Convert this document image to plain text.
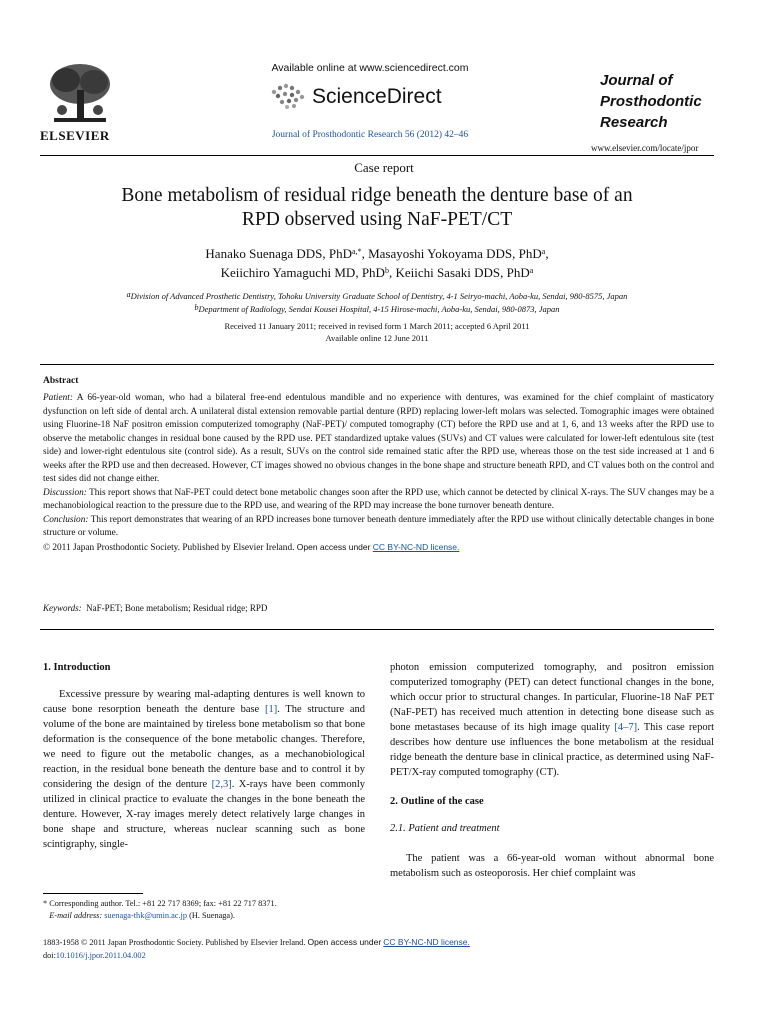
ELSEVIER
Available online at www.sciencedirect.com
ScienceDirect
Journal of Prosthodontic Research 56 (2012) 42–46
Journal of
Prosthodontic
Research
www.elsevier.com/locate/jpor
Case report
Bone metabolism of residual ridge beneath the denture base of an
RPD observed using NaF-PET/CT
Hanako Suenaga DDS, PhD$^{a,*}$, Masayoshi Yokoyama DDS, PhD$^a$,
Keiichiro Yamaguchi MD, PhD$^b$, Keiichi Sasaki DDS, PhD$^a$
$^a$Division of Advanced Prosthetic Dentistry, Tohoku University Graduate School of Dentistry, 4-1 Seiryo-machi, Aoba-ku, Sendai, 980-8575, Japan
$^b$Department of Radiology, Sendai Kousei Hospital, 4-15 Hirose-machi, Aoba-ku, Sendai, 980-0873, Japan
Received 11 January 2011; received in revised form 1 March 2011; accepted 6 April 2011
Available online 12 June 2011
Abstract

Patient: A 66-year-old woman, who had a bilateral free-end edentulous mandible and no experience with dentures, was examined for the chief complaint of masticatory dysfunction on left side of dental arch. A unilateral distal extension removable partial denture (RPD) replacing lower-left molars was selected. Tomographic images were obtained using Fluorine-18 NaF positron emission computerized tomography (NaF-PET)/ computed tomography (CT) before the RPD use and at 1, 6, and 13 weeks after the RPD use to observe the metabolic changes in residual bone caused by the RPD use. PET standardized uptake values (SUVs) and CT values were calculated for lower-left edentulous site (test side) and lower-right edentulous site (control side). As a result, SUVs on the control side remained static after the RPD use, whereas those on the test side increased at 1 and 6 weeks after the RPD use and then decreased. However, CT images showed no obvious changes in the bone shape and structure beneath RPD, and CT values both on the control and test sides did not change either.

Discussion: This report shows that NaF-PET could detect bone metabolic changes soon after the RPD use, which cannot be detected by clinical X-rays. The SUV changes may be a mechanobiological reaction to the pressure due to the RPD use, and wearing of the RPD may increase the bone turnover beneath denture.

Conclusion: This report demonstrates that wearing of an RPD increases bone turnover beneath denture immediately after the RPD use without clinically detectable changes in bone structure or volume.

© 2011 Japan Prosthodontic Society. Published by Elsevier Ireland. Open access under CC BY-NC-ND license.

Keywords: NaF-PET; Bone metabolism; Residual ridge; RPD
1. Introduction

Excessive pressure by wearing mal-adapting dentures is well known to cause bone resorption beneath the denture base [1]. The structure and volume of the bone are maintained by tireless bone metabolism so that bone deformation is the consequence of the bone metabolic changes. Therefore, we need to figure out the metabolic changes, as a mechanobiological reaction, in the residual bone beneath the denture base and to control it by considering the design of the denture [2,3]. X-rays have been commonly utilized in clinical practice to evaluate the changes in the bone beneath the denture. However, X-ray images merely detect relatively large changes in bone shape and structure, whereas nuclear scanning such as bone scintigraphy, single-

photon emission computerized tomography, and positron emission computerized tomography (PET) can detect functional changes in the bone, which occur prior to structural changes. In particular, Fluorine-18 NaF PET (NaF-PET) has received much attention in detecting bone disease such as bone metastases because of its high image quality [4–7]. This case report describes how denture use influences the bone metabolism at the residual ridge beneath the denture base in clinical practice, as determined using NaF-PET/X-ray computed tomography (CT).

2. Outline of the case
2.1. Patient and treatment

The patient was a 66-year-old woman without abnormal bone metabolism such as osteoporosis. Her chief complaint was

* Corresponding author. Tel.: +81 22 717 8369; fax: +81 22 717 8371.
E-mail address: suenaga-thk@umin.ac.jp (H. Suenaga).
1883-1958 © 2011 Japan Prosthodontic Society. Published by Elsevier Ireland. Open access under CC BY-NC-ND license.
doi:10.1016/j.jpor.2011.04.002
